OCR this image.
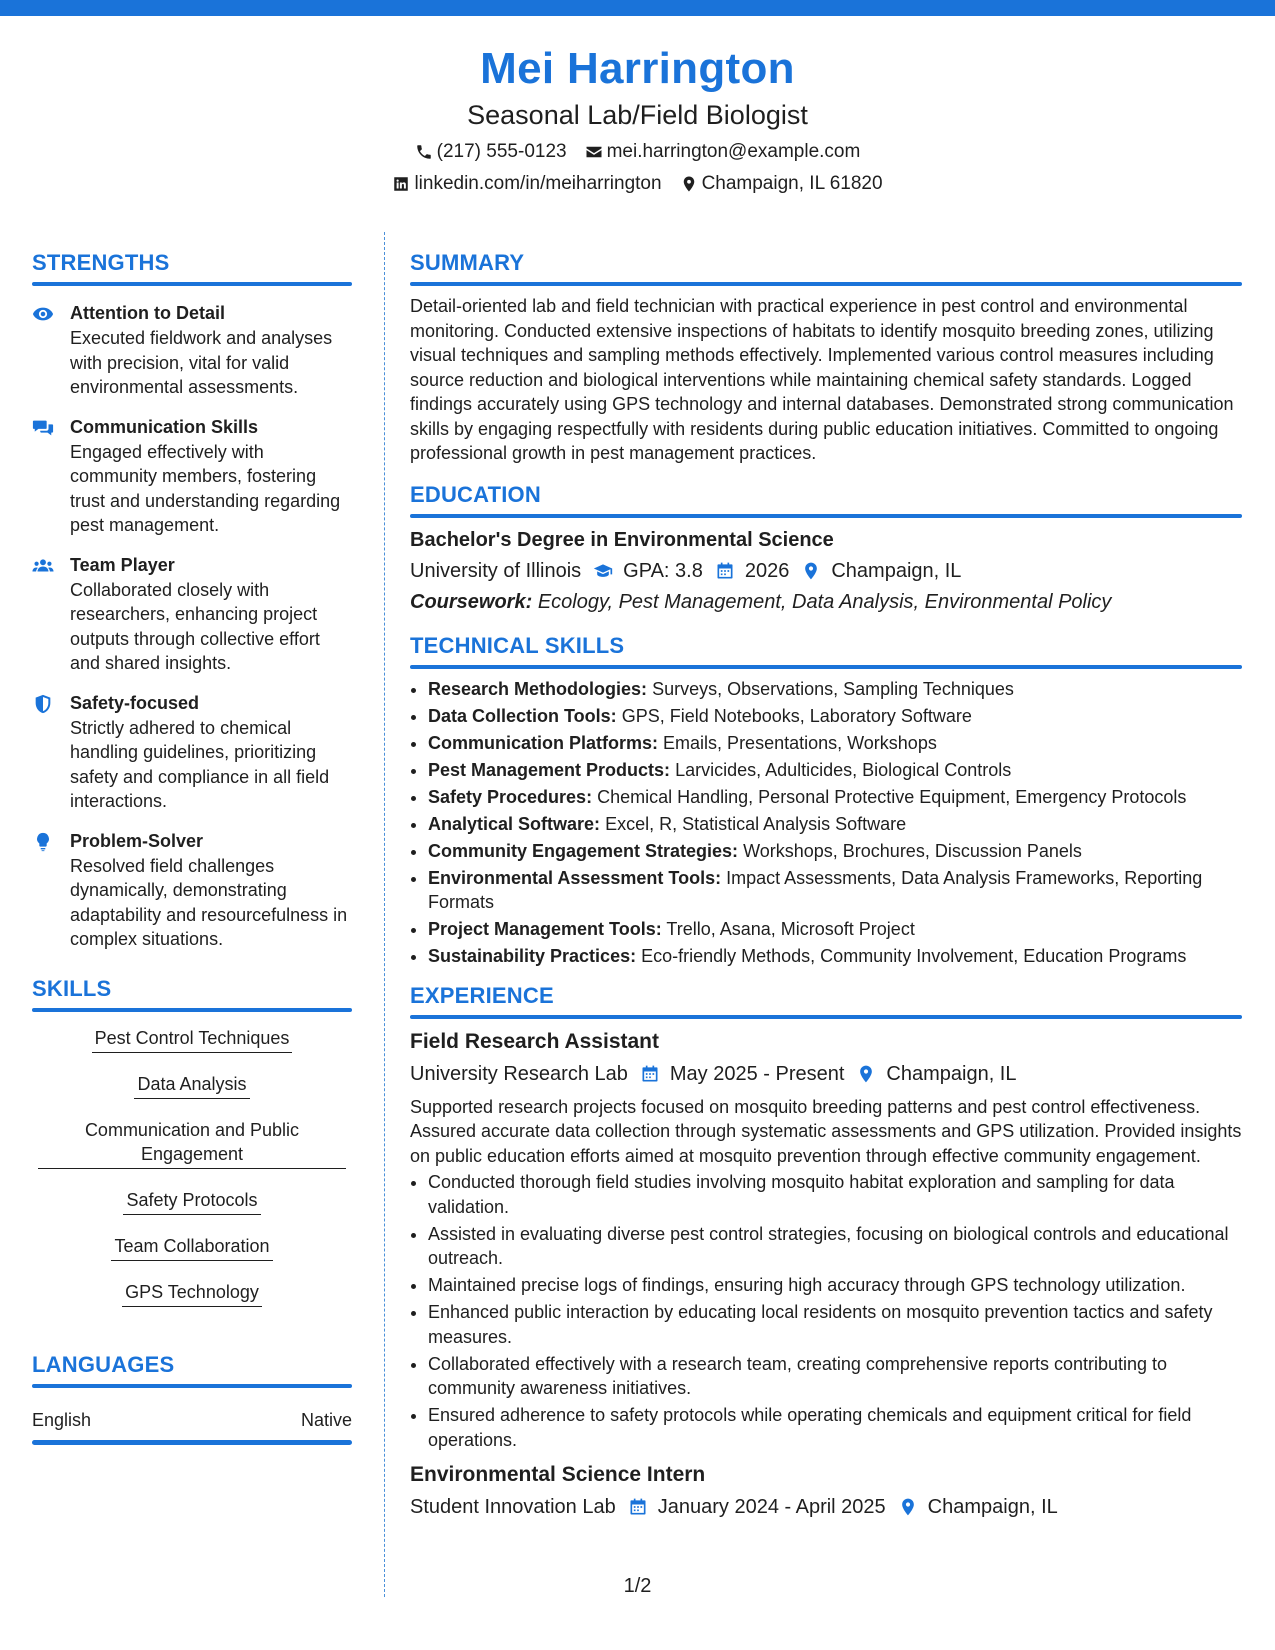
Mei Harrington
Seasonal Lab/Field Biologist
(217) 555-0123 mei.harrington@example.com
linkedin.com/in/meiharrington Champaign, IL 61820
STRENGTHS
Attention to Detail
Executed fieldwork and analyses with precision, vital for valid environmental assessments.
Communication Skills
Engaged effectively with community members, fostering trust and understanding regarding pest management.
Team Player
Collaborated closely with researchers, enhancing project outputs through collective effort and shared insights.
Safety-focused
Strictly adhered to chemical handling guidelines, prioritizing safety and compliance in all field interactions.
Problem-Solver
Resolved field challenges dynamically, demonstrating adaptability and resourcefulness in complex situations.
SKILLS
Pest Control Techniques
Data Analysis

Communication and Public Engagement
Safety Protocols
Team Collaboration
GPS Technology
LANGUAGES
English	Native
SUMMARY
Detail-oriented lab and field technician with practical experience in pest control and environmental monitoring. Conducted extensive inspections of habitats to identify mosquito breeding zones, utilizing visual techniques and sampling methods effectively. Implemented various control measures including source reduction and biological interventions while maintaining chemical safety standards. Logged findings accurately using GPS technology and internal databases. Demonstrated strong communication skills by engaging respectfully with residents during public education initiatives. Committed to ongoing professional growth in pest management practices.
EDUCATION
Bachelor's Degree in Environmental Science
University of Illinois GPA: 3.8 2026 Champaign, IL
Coursework: Ecology, Pest Management, Data Analysis, Environmental Policy
TECHNICAL SKILLS
• Research Methodologies: Surveys, Observations, Sampling Techniques
• Data Collection Tools: GPS, Field Notebooks, Laboratory Software
• Communication Platforms: Emails, Presentations, Workshops
• Pest Management Products: Larvicides, Adulticides, Biological Controls
• Safety Procedures: Chemical Handling, Personal Protective Equipment, Emergency Protocols
• Analytical Software: Excel, R, Statistical Analysis Software
• Community Engagement Strategies: Workshops, Brochures, Discussion Panels
• Environmental Assessment Tools: Impact Assessments, Data Analysis Frameworks, Reporting Formats
• Project Management Tools: Trello, Asana, Microsoft Project
• Sustainability Practices: Eco-friendly Methods, Community Involvement, Education Programs
EXPERIENCE
Field Research Assistant
University Research Lab May 2025 - Present Champaign, IL
Supported research projects focused on mosquito breeding patterns and pest control effectiveness. Assured accurate data collection through systematic assessments and GPS utilization. Provided insights on public education efforts aimed at mosquito prevention through effective community engagement.
• Conducted thorough field studies involving mosquito habitat exploration and sampling for data validation.
• Assisted in evaluating diverse pest control strategies, focusing on biological controls and educational outreach.
• Maintained precise logs of findings, ensuring high accuracy through GPS technology utilization.
• Enhanced public interaction by educating local residents on mosquito prevention tactics and safety measures.
• Collaborated effectively with a research team, creating comprehensive reports contributing to community awareness initiatives.
• Ensured adherence to safety protocols while operating chemicals and equipment critical for field operations.
Environmental Science Intern
Student Innovation Lab January 2024 - April 2025 Champaign, IL
1/2
